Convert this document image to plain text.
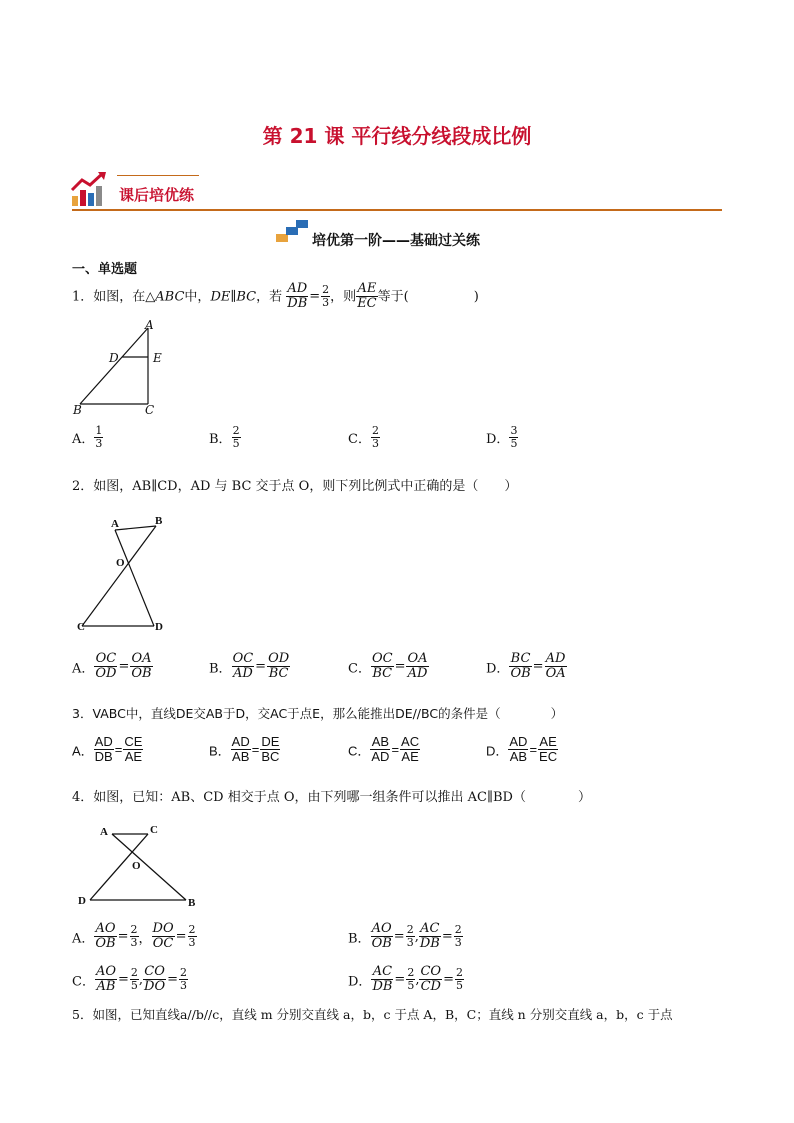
第 21 课 平行线分线段成比例
课后培优练
培优第一阶——基础过关练
一、单选题
1．如图，在△ABC中，DE∥BC，若 $\frac{AD}{DB} = \frac{2}{3}$ ，则 $\frac{AE}{EC}$ 等于(　　　　　)
A
D	E
B	C
A． $\frac{1}{3}$	B． $\frac{2}{5}$	C． $\frac{2}{3}$	D． $\frac{3}{5}$
2．如图，AB∥CD，AD 与 BC 交于点 O，则下列比例式中正确的是（　　）
A	B
O
C	D
A． $\frac{OC}{OD} = \frac{OA}{OB}$	B． $\frac{OC}{AD} = \frac{OD}{BC}$	C． $\frac{OC}{BC} = \frac{OA}{AD}$	D． $\frac{BC}{OB} = \frac{AD}{OA}$
3．VABC中，直线DE交AB于D，交AC于点E，那么能推出DE//BC的条件是（　　　　）
A． $\frac{AD}{DB} = \frac{CE}{AE}$	B． $\frac{AD}{AB} = \frac{DE}{BC}$	C． $\frac{AB}{AD} = \frac{AC}{AE}$	D． $\frac{AD}{AB} = \frac{AE}{EC}$
4．如图，已知：AB、CD 相交于点 O，由下列哪一组条件可以推出 AC∥BD（　　　　）
A	C
O
D	B
A． $\frac{AO}{OB} = \frac{2}{3}$ ， $\frac{DO}{OC} = \frac{2}{3}$	B． $\frac{AO}{OB} = \frac{2}{3}$ , $\frac{AC}{DB} = \frac{2}{3}$
C． $\frac{AO}{AB} = \frac{2}{5}$ , $\frac{CO}{DO} = \frac{2}{3}$	D． $\frac{AC}{DB} = \frac{2}{5}$ , $\frac{CO}{CD} = \frac{2}{5}$
5．如图，已知直线a//b//c，直线 m 分别交直线 a，b，c 于点 A，B，C；直线 n 分别交直线 a，b，c 于点
